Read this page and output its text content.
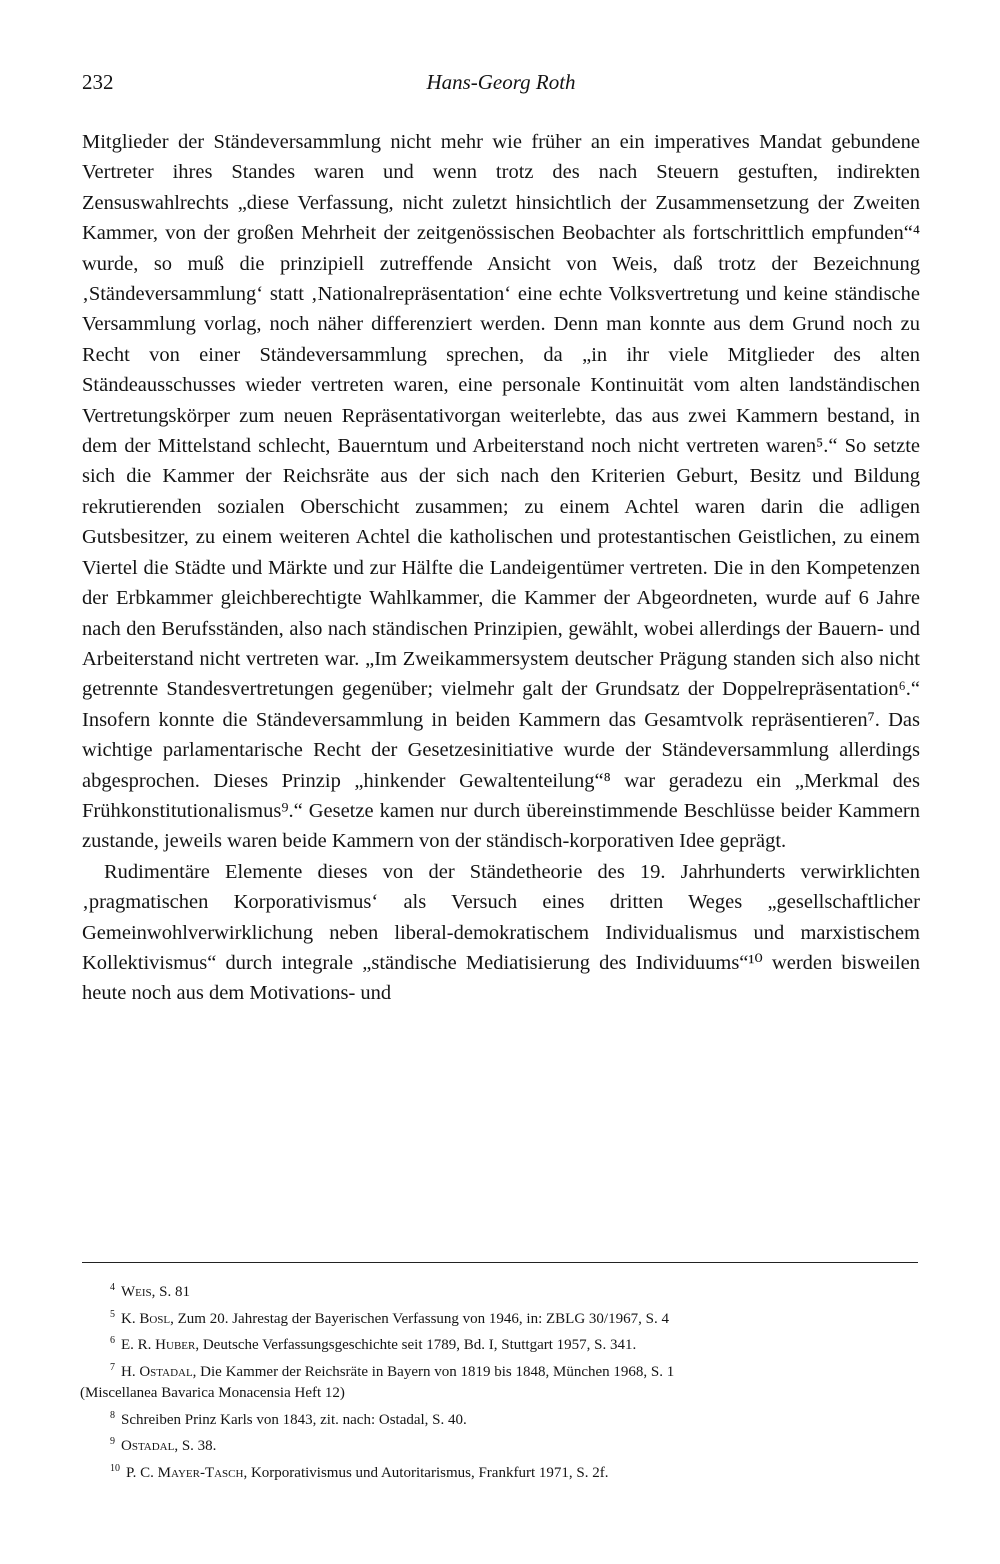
232	Hans-Georg Roth

Mitglieder der Ständeversammlung nicht mehr wie früher an ein imperatives Mandat gebundene Vertreter ihres Standes waren und wenn trotz des nach Steuern gestuften, indirekten Zensuswahlrechts „diese Verfassung, nicht zuletzt hinsichtlich der Zusammensetzung der Zweiten Kammer, von der großen Mehrheit der zeitgenössischen Beobachter als fortschrittlich empfunden“⁴ wurde, so muß die prinzipiell zutreffende Ansicht von Weis, daß trotz der Bezeichnung ‚Ständeversammlung‘ statt ‚Nationalrepräsentation‘ eine echte Volksvertretung und keine ständische Versammlung vorlag, noch näher differenziert werden. Denn man konnte aus dem Grund noch zu Recht von einer Ständeversammlung sprechen, da „in ihr viele Mitglieder des alten Ständeausschusses wieder vertreten waren, eine personale Kontinuität vom alten landständischen Vertretungskörper zum neuen Repräsentativorgan weiterlebte, das aus zwei Kammern bestand, in dem der Mittelstand schlecht, Bauerntum und Arbeiterstand noch nicht vertreten waren⁵.“ So setzte sich die Kammer der Reichsräte aus der sich nach den Kriterien Geburt, Besitz und Bildung rekrutierenden sozialen Oberschicht zusammen; zu einem Achtel waren darin die adligen Gutsbesitzer, zu einem weiteren Achtel die katholischen und protestantischen Geistlichen, zu einem Viertel die Städte und Märkte und zur Hälfte die Landeigentümer vertreten. Die in den Kompetenzen der Erbkammer gleichberechtigte Wahlkammer, die Kammer der Abgeordneten, wurde auf 6 Jahre nach den Berufsständen, also nach ständischen Prinzipien, gewählt, wobei allerdings der Bauern- und Arbeiterstand nicht vertreten war. „Im Zweikammersystem deutscher Prägung standen sich also nicht getrennte Standesvertretungen gegenüber; vielmehr galt der Grundsatz der Doppelrepräsentation⁶.“ Insofern konnte die Ständeversammlung in beiden Kammern das Gesamtvolk repräsentieren⁷. Das wichtige parlamentarische Recht der Gesetzesinitiative wurde der Ständeversammlung allerdings abgesprochen. Dieses Prinzip „hinkender Gewaltenteilung“⁸ war geradezu ein „Merkmal des Frühkonstitutionalismus⁹.“ Gesetze kamen nur durch übereinstimmende Beschlüsse beider Kammern zustande, jeweils waren beide Kammern von der ständisch-korporativen Idee geprägt.

Rudimentäre Elemente dieses von der Ständetheorie des 19. Jahrhunderts verwirklichten ‚pragmatischen Korporativismus‘ als Versuch eines dritten Weges „gesellschaftlicher Gemeinwohlverwirklichung neben liberal-demokratischem Individualismus und marxistischem Kollektivismus“ durch integrale „ständische Mediatisierung des Individuums“¹⁰ werden bisweilen heute noch aus dem Motivations- und

$^4$ Weis, S. 81
$^5$ K. Bosl, Zum 20. Jahrestag der Bayerischen Verfassung von 1946, in: ZBLG 30/1967, S. 4
$^6$ E. R. Huber, Deutsche Verfassungsgeschichte seit 1789, Bd. I, Stuttgart 1957, S. 341.
$^7$ H. Ostadal, Die Kammer der Reichsräte in Bayern von 1819 bis 1848, München 1968, S. 1
(Miscellanea Bavarica Monacensia Heft 12)
$^8$ Schreiben Prinz Karls von 1843, zit. nach: Ostadal, S. 40.
$^9$ Ostadal, S. 38.
$^{10}$ P. C. Mayer-Tasch, Korporativismus und Autoritarismus, Frankfurt 1971, S. 2f.
